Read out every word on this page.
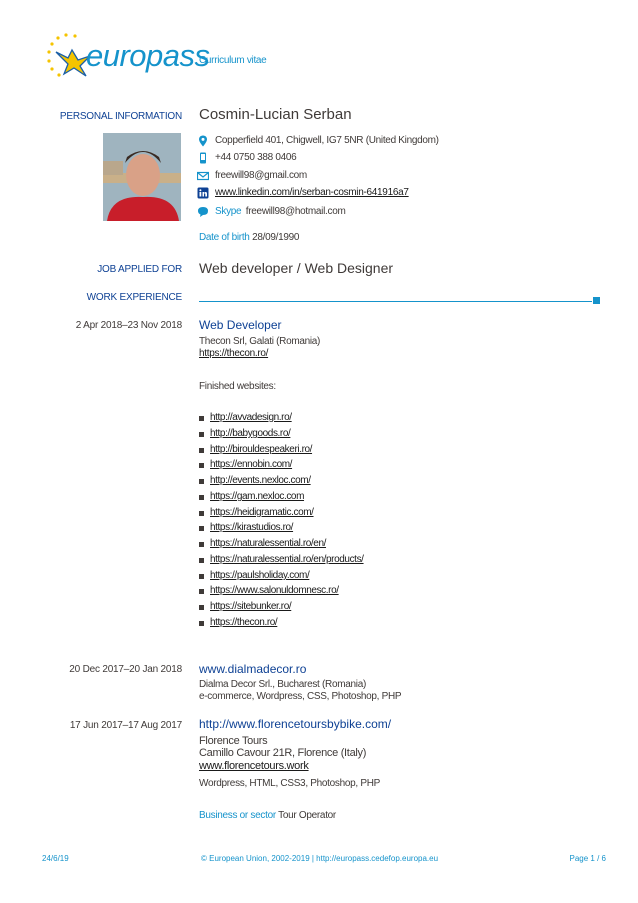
europass
Curriculum vitae
PERSONAL INFORMATION Cosmin-Lucian Serban
Copperfield 401, Chigwell, IG7 5NR (United Kingdom)
+44 0750 388 0406
freewill98@gmail.com
www.linkedin.com/in/serban-cosmin-641916a7
Skype freewill98@hotmail.com
Date of birth 28/09/1990
JOB APPLIED FOR Web developer / Web Designer
WORK EXPERIENCE
2 Apr 2018–23 Nov 2018 Web Developer
Thecon Srl, Galati (Romania)
https://thecon.ro/
Finished websites:
http://avvadesign.ro/
http://babygoods.ro/
http://birouldespeakeri.ro/
https://ennobin.com/
http://events.nexloc.com/
https://gam.nexloc.com
https://heidigramatic.com/
https://kirastudios.ro/
https://naturalessential.ro/en/
https://naturalessential.ro/en/products/
https://paulsholiday.com/
https://www.salonuldomnesc.ro/
https://sitebunker.ro/
https://thecon.ro/
20 Dec 2017–20 Jan 2018 www.dialmadecor.ro
Dialma Decor Srl., Bucharest (Romania)
e-commerce, Wordpress, CSS, Photoshop, PHP
17 Jun 2017–17 Aug 2017 http://www.florencetoursbybike.com/
Florence Tours
Camillo Cavour 21R, Florence (Italy)
www.florencetours.work
Wordpress, HTML, CSS3, Photoshop, PHP
Business or sector Tour Operator
24/6/19	© European Union, 2002-2019 | http://europass.cedefop.europa.eu	Page 1 / 6
